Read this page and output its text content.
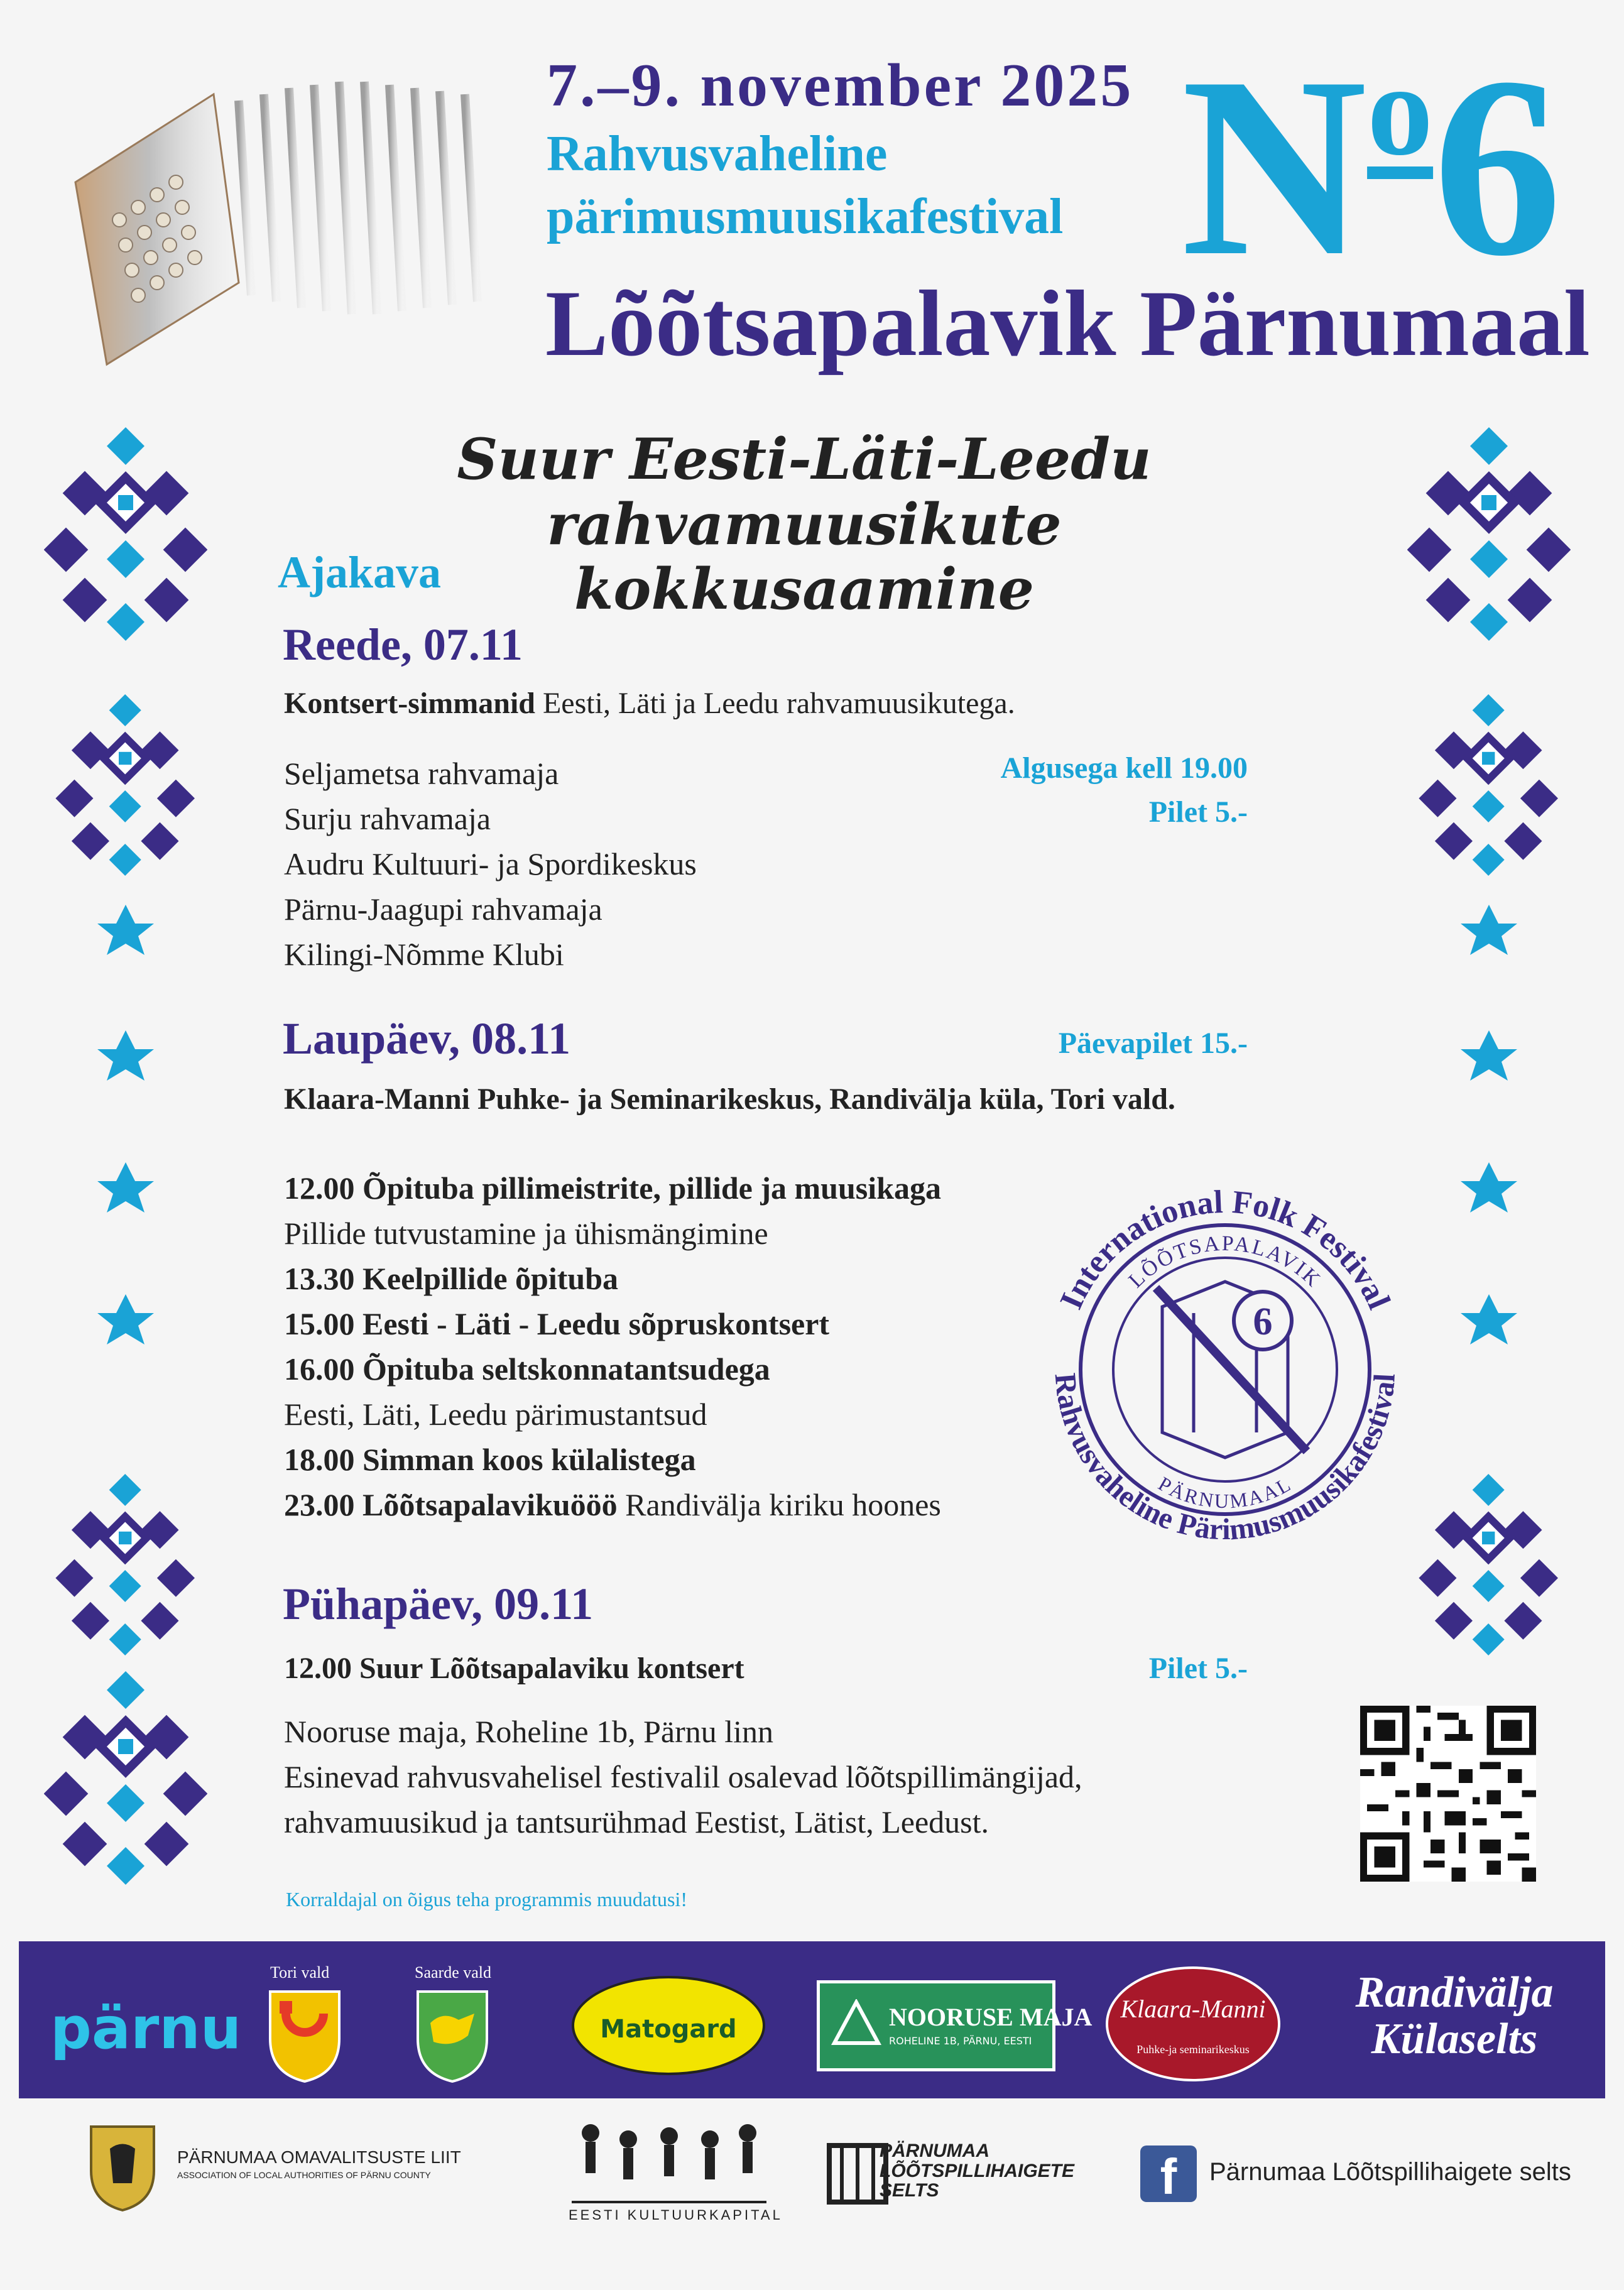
7.–9. november 2025
Rahvusvaheline
pärimusmuusikafestival $N^o6$
Lõõtsapalavik Pärnumaal
Suur Eesti-Läti-Leedu rahvamuusikute
kokkusaamine
Ajakava
Reede, 07.11
Kontsert-simmanid Eesti, Läti ja Leedu rahvamuusikutega.
Seljametsa rahvamaja
Surju rahvamaja
Audru Kultuuri- ja Spordikeskus
Pärnu-Jaagupi rahvamaja
Kilingi-Nõmme Klubi
Algusega kell 19.00
Pilet 5.-
Laupäev, 08.11	Päevapilet 15.-
Klaara-Manni Puhke- ja Seminarikeskus, Randivälja küla, Tori vald.
12.00 Õpituba pillimeistrite, pillide ja muusikaga
Pillide tutvustamine ja ühismängimine
13.30 Keelpillide õpituba
15.00 Eesti - Läti - Leedu sõpruskontsert
16.00 Õpituba seltskonnatantsudega
Eesti, Läti, Leedu pärimustantsud
18.00 Simman koos külalistega
23.00 Lõõtsapalavikuööö Randivälja kiriku hoones
International Folk Festival
Rahvusvaheline Pärimusmuusikafestival
LÕÕTSAPALAVIK
PÄRNUMAAL
6
Pühapäev, 09.11
12.00 Suur Lõõtsapalaviku kontsert	Pilet 5.-
Nooruse maja, Roheline 1b, Pärnu linn
Esinevad rahvusvahelisel festivalil osalevad lõõtspillimängijad,
rahvamuusikud ja tantsurühmad Eestist, Lätist, Leedust.
Korraldajal on õigus teha programmis muudatusi!
pärnu
Tori vald	Saarde vald
Matogard	NOORUSE MAJA
ROHELINE 1B, PÄRNU, EESTI
Klaara-Manni
Puhke-ja seminarikeskus
Randivälja
Külaselts
PÄRNUMAA OMAVALITSUSTE LIIT
ASSOCIATION OF LOCAL AUTHORITIES OF PÄRNU COUNTY
EESTI KULTUURKAPITAL
PÄRNUMAA
LÕÕTSPILLIHAIGETE
SELTS	f	Pärnumaa Lõõtspillihaigete selts
